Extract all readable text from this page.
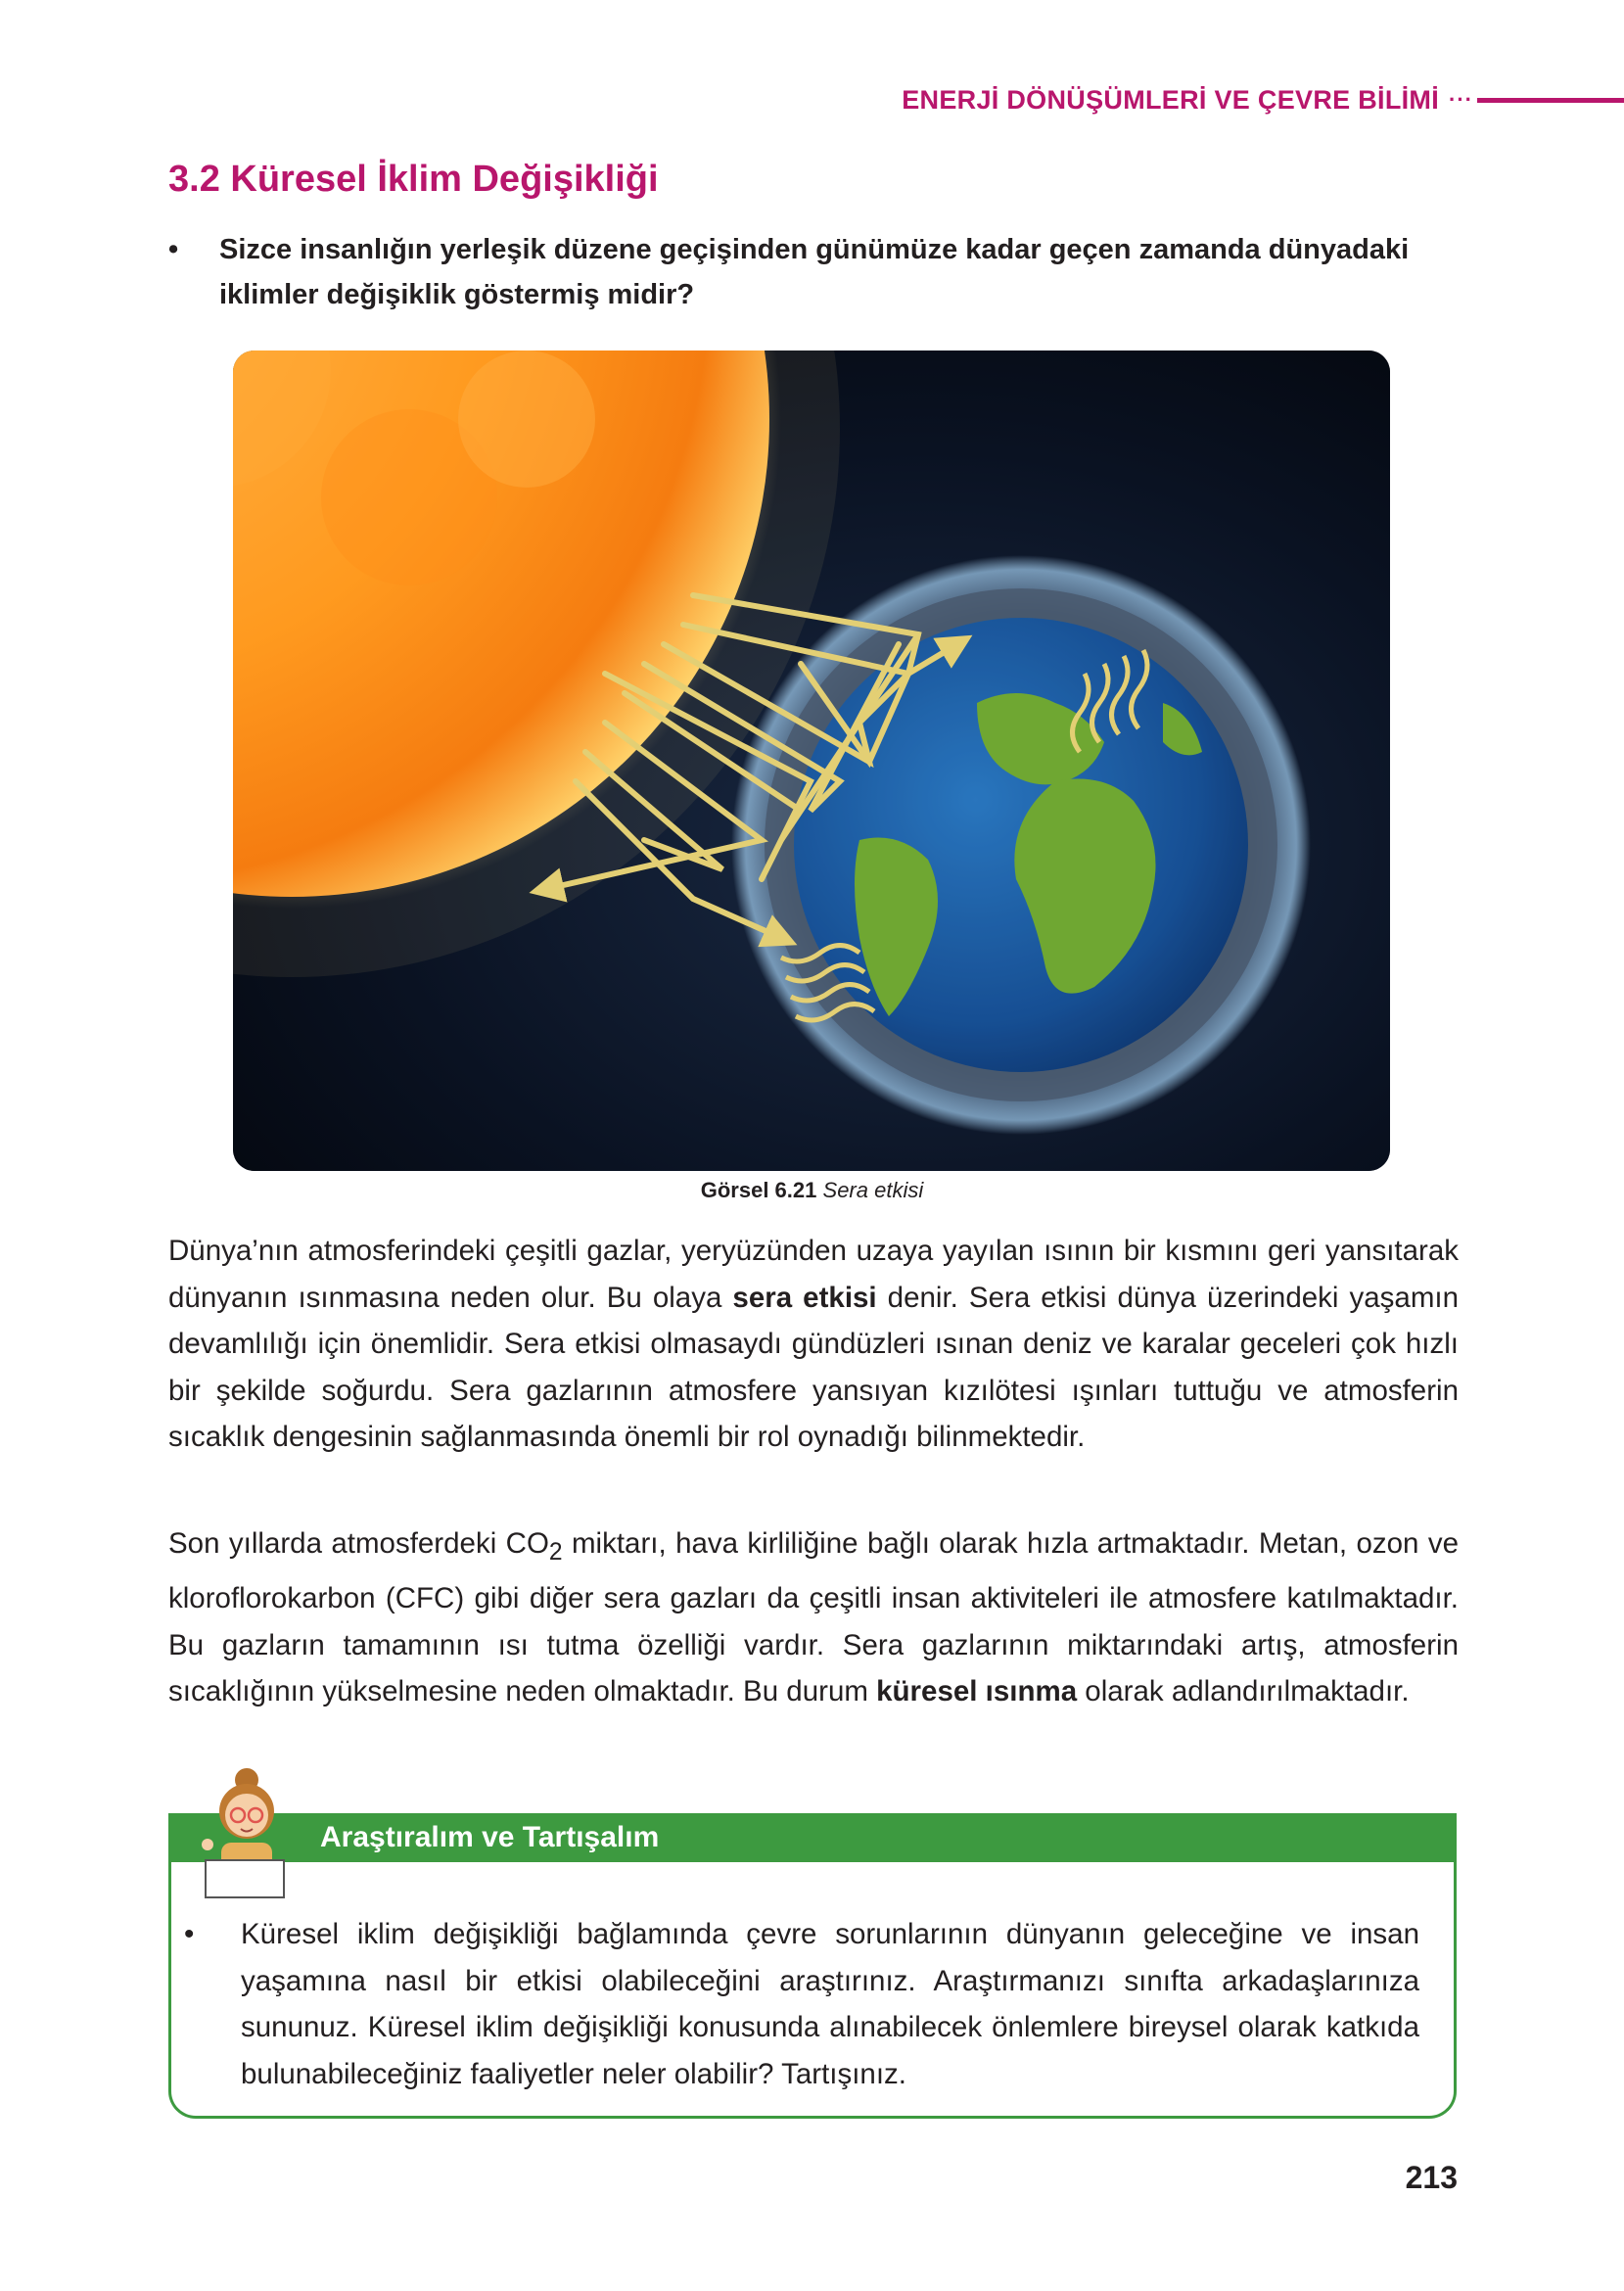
ENERJİ DÖNÜŞÜMLERİ VE ÇEVRE BİLİMİ ···
3.2 Küresel İklim Değişikliği
•	Sizce insanlığın yerleşik düzene geçişinden günümüze kadar geçen zamanda dünyadaki iklimler değişiklik göstermiş midir?
Görsel 6.21 Sera etkisi

Dünya’nın atmosferindeki çeşitli gazlar, yeryüzünden uzaya yayılan ısının bir kısmını geri yansıtarak dünyanın ısınmasına neden olur. Bu olaya sera etkisi denir. Sera etkisi dünya üzerindeki yaşamın devamlılığı için önemlidir. Sera etkisi olmasaydı gündüzleri ısınan deniz ve karalar geceleri çok hızlı bir şekilde soğurdu. Sera gazlarının atmosfere yansıyan kızılötesi ışınları tuttuğu ve atmosferin sıcaklık dengesinin sağlanmasında önemli bir rol oynadığı bilinmektedir.

Son yıllarda atmosferdeki $CO_2$ miktarı, hava kirliliğine bağlı olarak hızla artmaktadır. Metan, ozon ve kloroflorokarbon (CFC) gibi diğer sera gazları da çeşitli insan aktiviteleri ile atmosfere katılmaktadır. Bu gazların tamamının ısı tutma özelliği vardır. Sera gazlarının miktarındaki artış, atmosferin sıcaklığının yükselmesine neden olmaktadır. Bu durum küresel ısınma olarak adlandırılmaktadır.

Araştıralım ve Tartışalım
•	Küresel iklim değişikliği bağlamında çevre sorunlarının dünyanın geleceğine ve insan yaşamına nasıl bir etkisi olabileceğini araştırınız. Araştırmanızı sınıfta arkadaşlarınıza sununuz. Küresel iklim değişikliği konusunda alınabilecek önlemlere bireysel olarak katkıda bulunabileceğiniz faaliyetler neler olabilir? Tartışınız.
213
